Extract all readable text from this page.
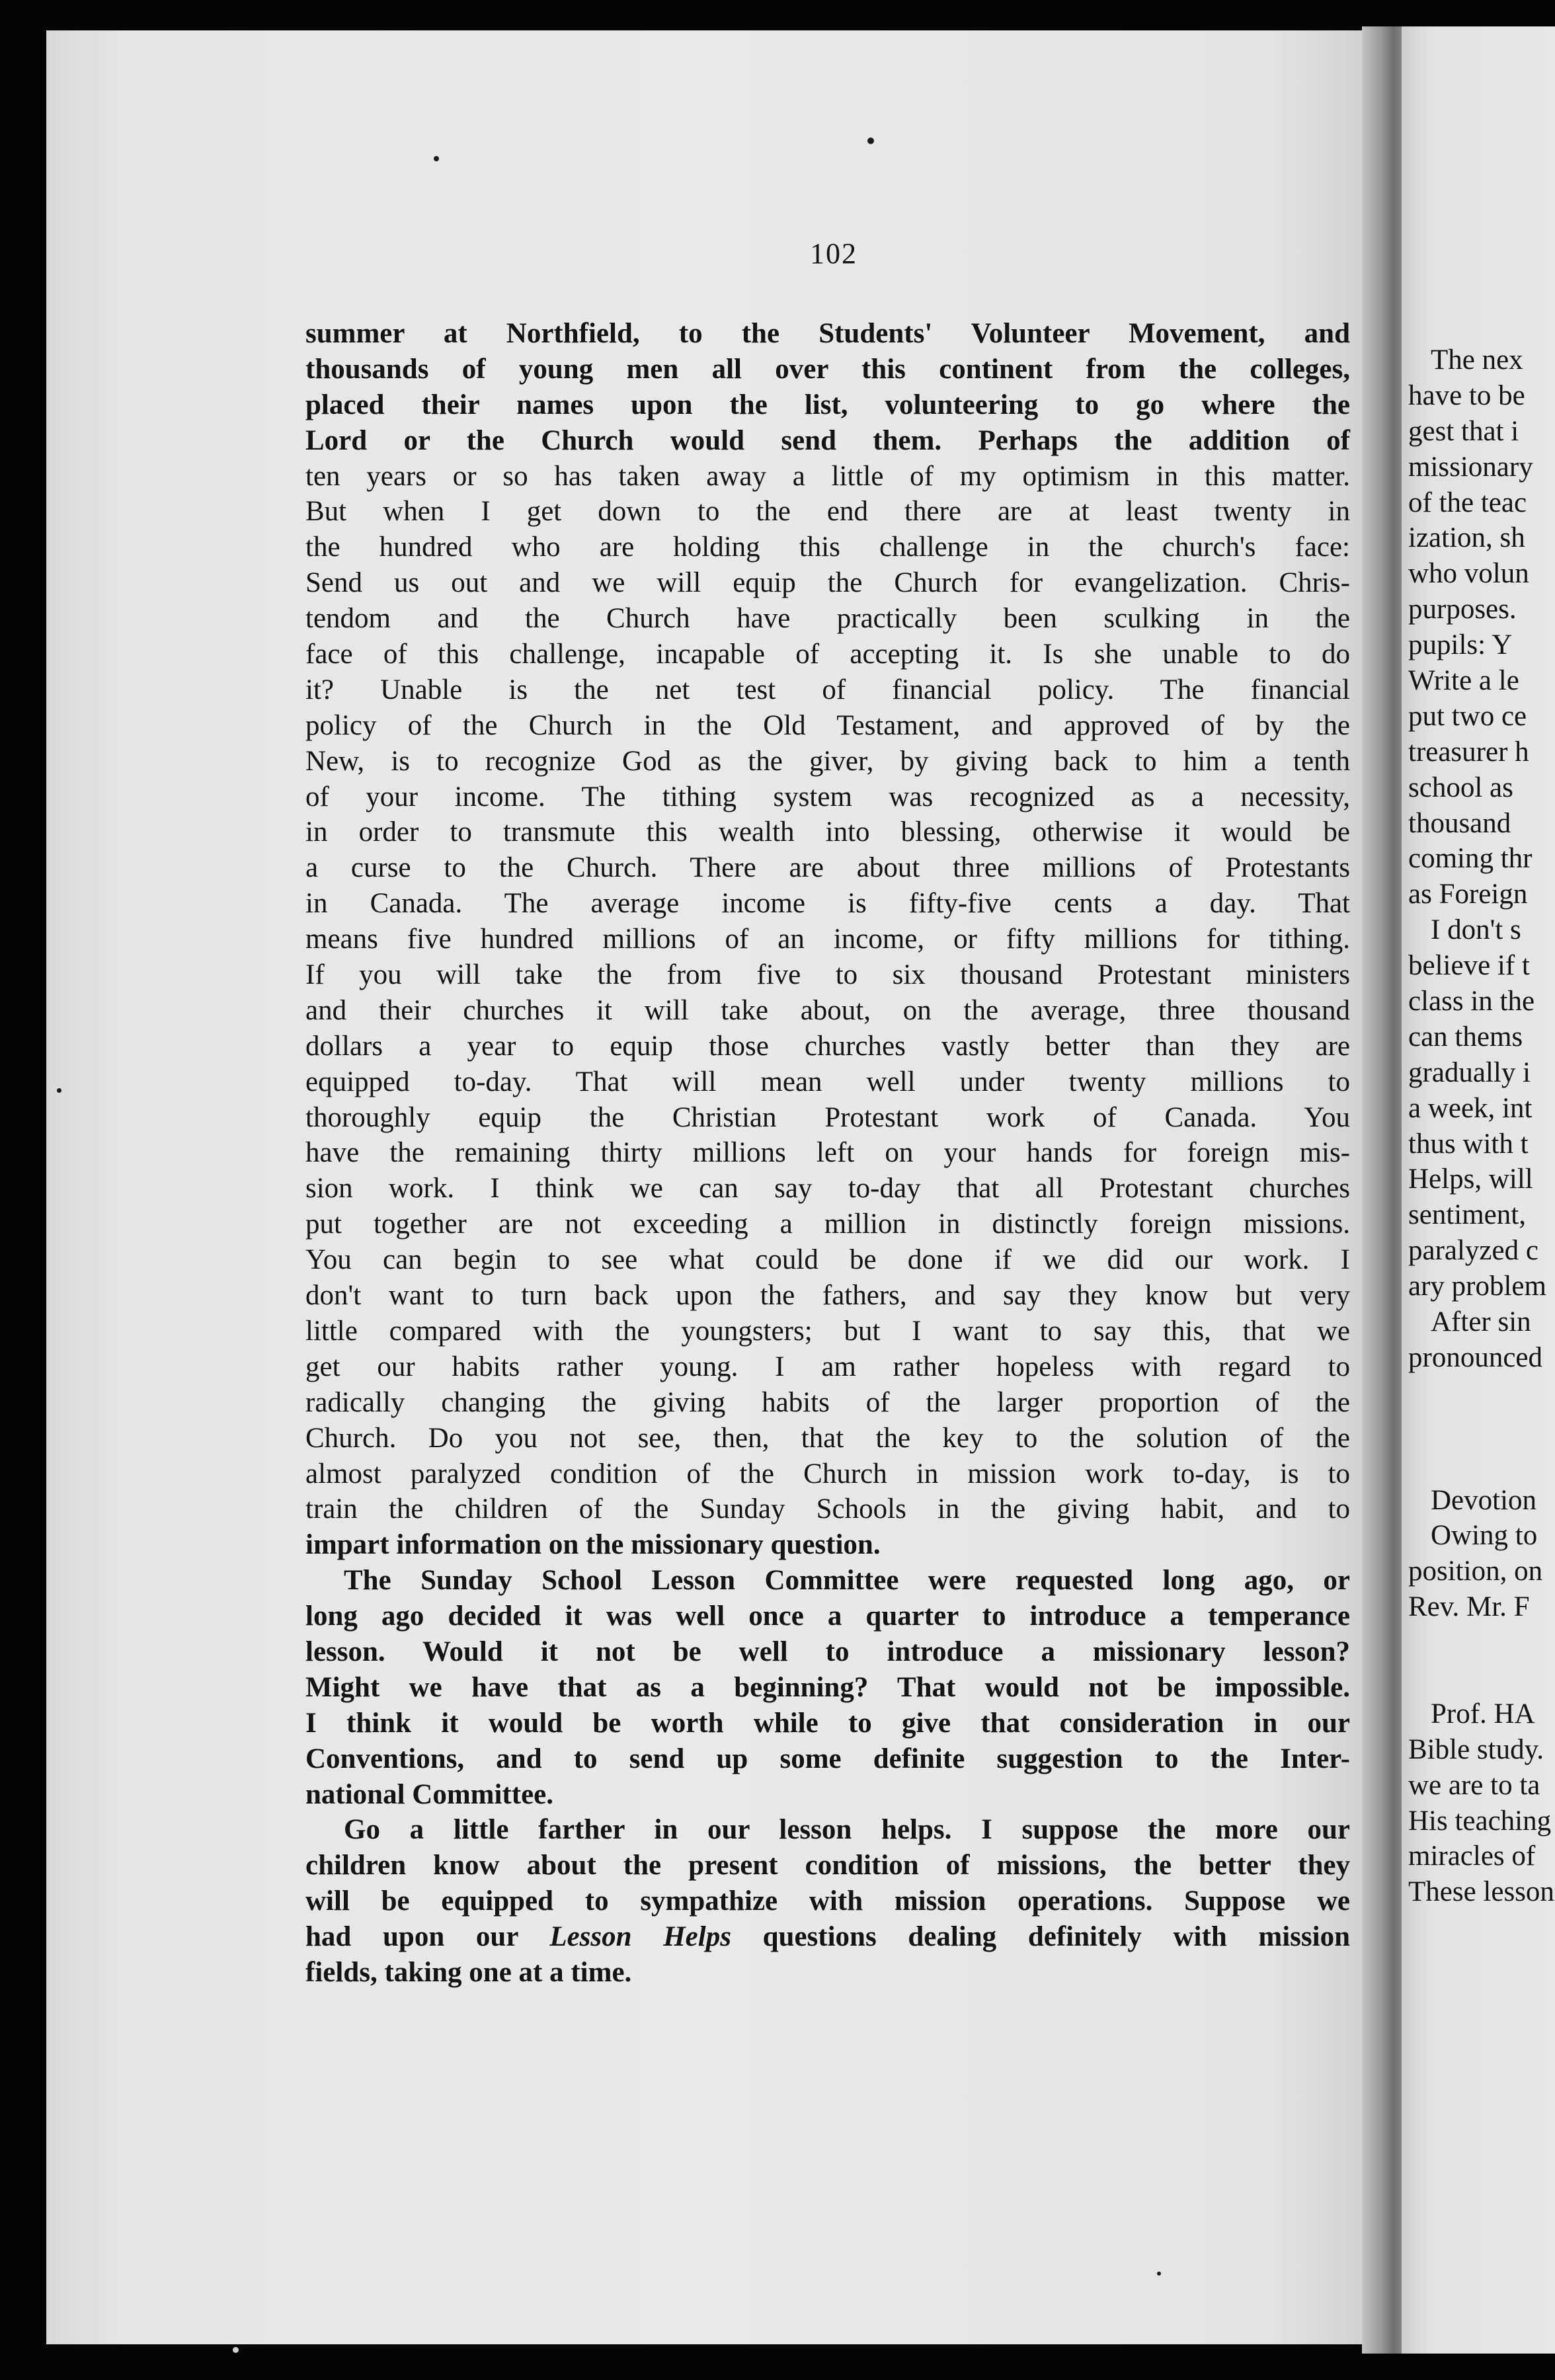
The nex
have to be
gest that i
missionary
of the teac
ization, sh
who volun
purposes.
pupils: Y
Write a le
put two ce
treasurer h
school as
thousand
coming thr
as Foreign
I don't s
believe if t
class in the
can thems
gradually i
a week, int
thus with t
Helps, will
sentiment,
paralyzed c
ary problem
After sin
pronounced
Devotion
Owing to
position, on
Rev. Mr. F
Prof. HA
Bible study.
we are to ta
His teaching
miracles of
These lesson
102
summer at Northfield, to the Students' Volunteer Movement, and
thousands of young men all over this continent from the colleges,
placed their names upon the list, volunteering to go where the
Lord or the Church would send them. Perhaps the addition of
ten years or so has taken away a little of my optimism in this matter.
But when I get down to the end there are at least twenty in
the hundred who are holding this challenge in the church's face:
Send us out and we will equip the Church for evangelization. Chris-
tendom and the Church have practically been sculking in the
face of this challenge, incapable of accepting it. Is she unable to do
it? Unable is the net test of financial policy. The financial
policy of the Church in the Old Testament, and approved of by the
New, is to recognize God as the giver, by giving back to him a tenth
of your income. The tithing system was recognized as a necessity,
in order to transmute this wealth into blessing, otherwise it would be
a curse to the Church. There are about three millions of Protestants
in Canada. The average income is fifty-five cents a day. That
means five hundred millions of an income, or fifty millions for tithing.
If you will take the from five to six thousand Protestant ministers
and their churches it will take about, on the average, three thousand
dollars a year to equip those churches vastly better than they are
equipped to-day. That will mean well under twenty millions to
thoroughly equip the Christian Protestant work of Canada. You
have the remaining thirty millions left on your hands for foreign mis-
sion work. I think we can say to-day that all Protestant churches
put together are not exceeding a million in distinctly foreign missions.
You can begin to see what could be done if we did our work. I
don't want to turn back upon the fathers, and say they know but very
little compared with the youngsters; but I want to say this, that we
get our habits rather young. I am rather hopeless with regard to
radically changing the giving habits of the larger proportion of the
Church. Do you not see, then, that the key to the solution of the
almost paralyzed condition of the Church in mission work to-day, is to
train the children of the Sunday Schools in the giving habit, and to
impart information on the missionary question.
The Sunday School Lesson Committee were requested long ago, or
long ago decided it was well once a quarter to introduce a temperance
lesson. Would it not be well to introduce a missionary lesson?
Might we have that as a beginning? That would not be impossible.
I think it would be worth while to give that consideration in our
Conventions, and to send up some definite suggestion to the Inter-
national Committee.
Go a little farther in our lesson helps. I suppose the more our
children know about the present condition of missions, the better they
will be equipped to sympathize with mission operations. Suppose we
had upon our Lesson Helps questions dealing definitely with mission
fields, taking one at a time.
